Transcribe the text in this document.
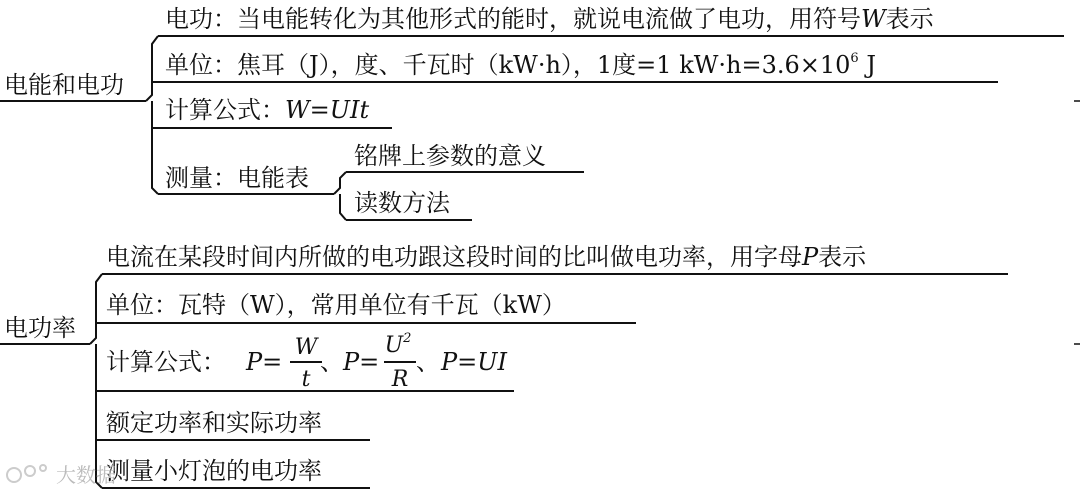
电能和电功
电功：当电能转化为其他形式的能时，就说电流做了电功，用符号W表示
单位：焦耳（J），度、千瓦时（kW·h），1度=1 $kW\cdot h=3.6\times 10^6$ J
计算公式：W=UIt
测量：电能表
铭牌上参数的意义
读数方法
电功率
电流在某段时间内所做的电功跟这段时间的比叫做电功率，用字母P表示
单位：瓦特（W），常用单位有千瓦（kW）
计算公式： P=
W
t
、 P=
$U^2$
R
、 P=UI
额定功率和实际功率
测量小灯泡的电功率
大数据
